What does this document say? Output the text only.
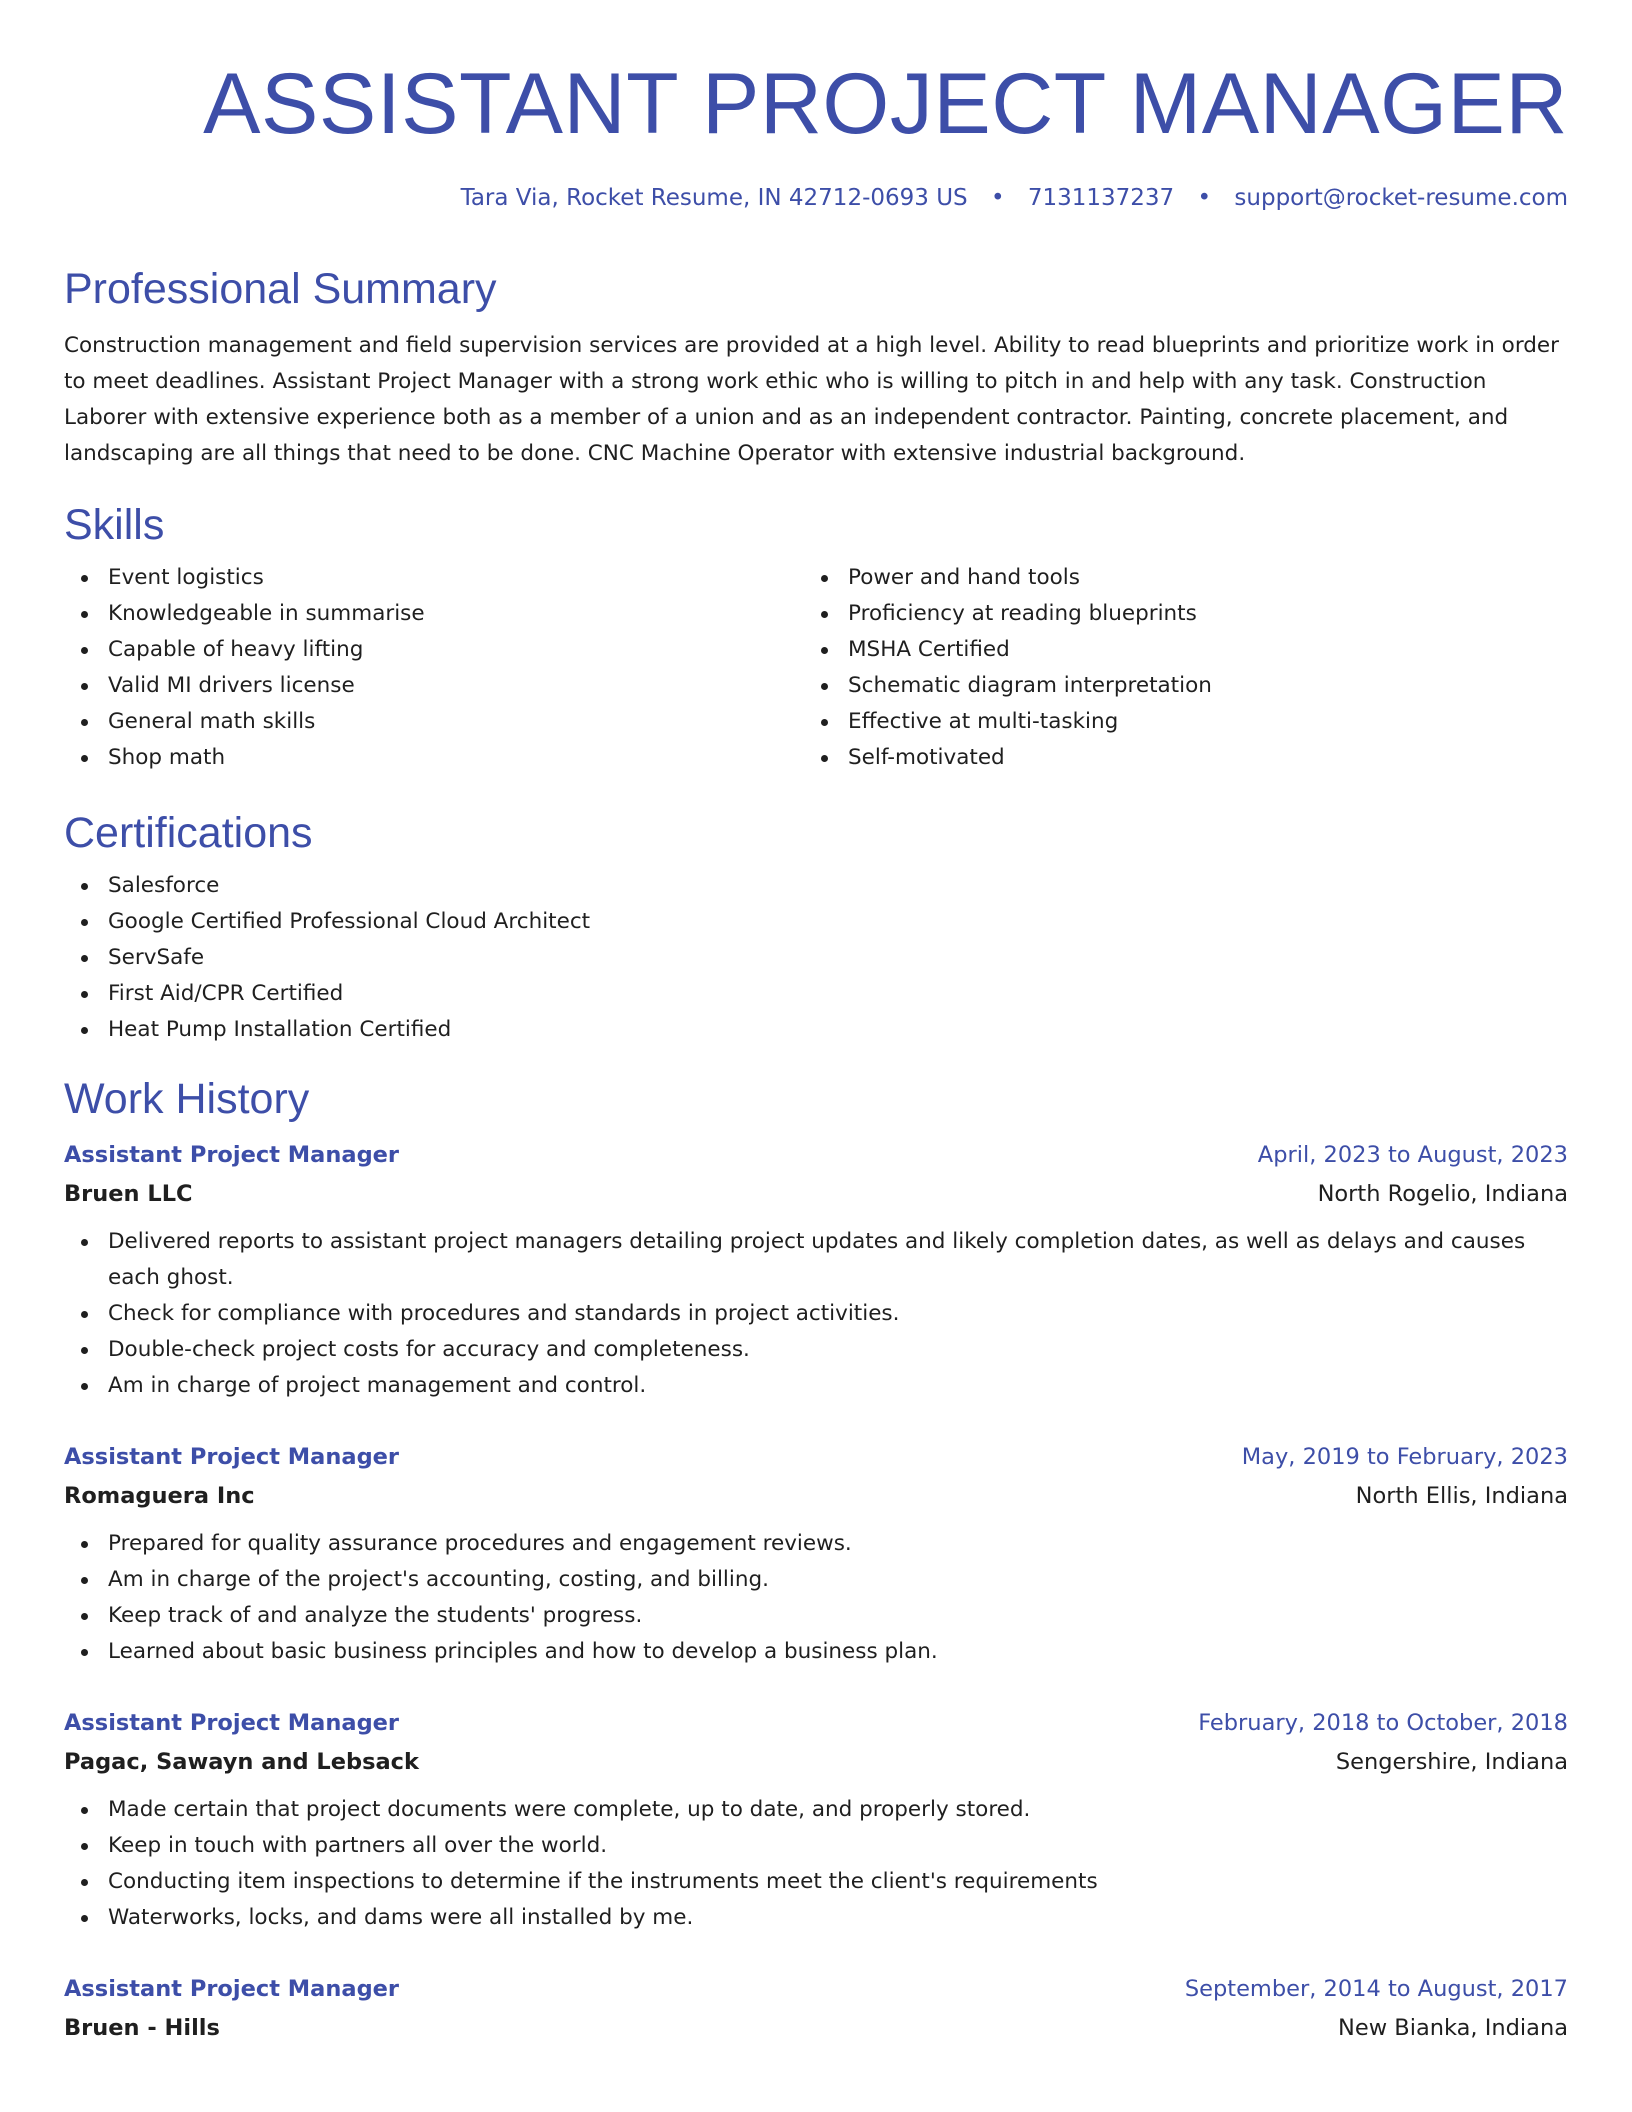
ASSISTANT PROJECT MANAGER
Tara Via, Rocket Resume, IN 42712-0693 US • 7131137237 • support@rocket-resume.com
Professional Summary

Construction management and field supervision services are provided at a high level. Ability to read blueprints and prioritize work in order to meet deadlines. Assistant Project Manager with a strong work ethic who is willing to pitch in and help with any task. Construction Laborer with extensive experience both as a member of a union and as an independent contractor. Painting, concrete placement, and landscaping are all things that need to be done. CNC Machine Operator with extensive industrial background.

Skills
Event logistics
Knowledgeable in summarise
Capable of heavy lifting
Valid MI drivers license
General math skills
Shop math
Power and hand tools
Proficiency at reading blueprints
MSHA Certified
Schematic diagram interpretation
Effective at multi-tasking
Self-motivated
Certifications
Salesforce
Google Certified Professional Cloud Architect
ServSafe
First Aid/CPR Certified
Heat Pump Installation Certified
Work History
Assistant Project Manager	April, 2023 to August, 2023
Bruen LLC	North Rogelio, Indiana
Delivered reports to assistant project managers detailing project updates and likely completion dates, as well as delays and causes each ghost.
Check for compliance with procedures and standards in project activities.
Double-check project costs for accuracy and completeness.
Am in charge of project management and control.
Assistant Project Manager	May, 2019 to February, 2023
Romaguera Inc	North Ellis, Indiana
Prepared for quality assurance procedures and engagement reviews.
Am in charge of the project's accounting, costing, and billing.
Keep track of and analyze the students' progress.
Learned about basic business principles and how to develop a business plan.
Assistant Project Manager	February, 2018 to October, 2018
Pagac, Sawayn and Lebsack	Sengershire, Indiana
Made certain that project documents were complete, up to date, and properly stored.
Keep in touch with partners all over the world.
Conducting item inspections to determine if the instruments meet the client's requirements
Waterworks, locks, and dams were all installed by me.
Assistant Project Manager	September, 2014 to August, 2017
Bruen - Hills	New Bianka, Indiana
